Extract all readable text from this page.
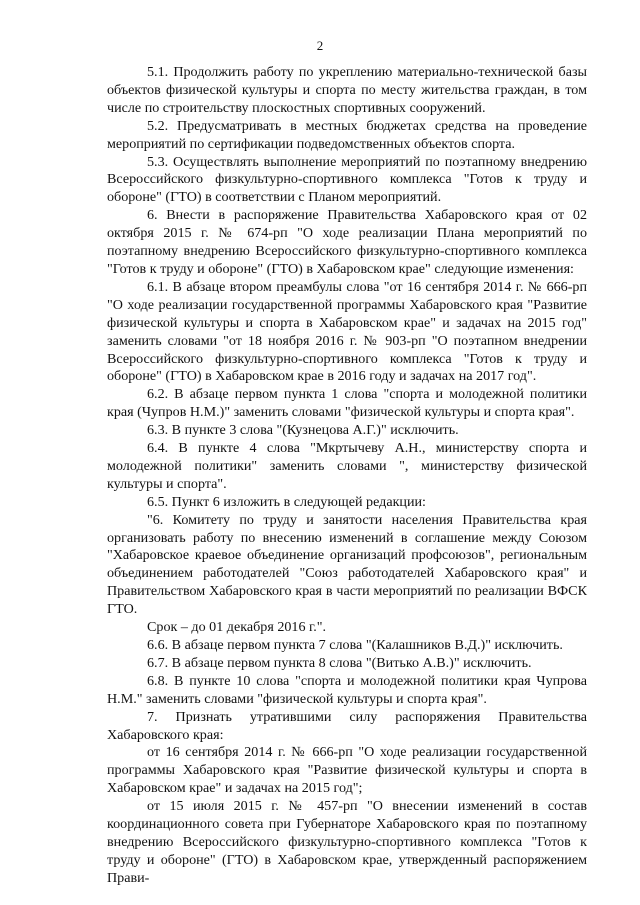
2

5.1. Продолжить работу по укреплению материально-технической базы объектов физической культуры и спорта по месту жительства граждан, в том числе по строительству плоскостных спортивных сооружений.

5.2. Предусматривать в местных бюджетах средства на проведение мероприятий по сертификации подведомственных объектов спорта.

5.3. Осуществлять выполнение мероприятий по поэтапному внедрению Всероссийского физкультурно-спортивного комплекса "Готов к труду и обороне" (ГТО) в соответствии с Планом мероприятий.

6. Внести в распоряжение Правительства Хабаровского края от 02 октября 2015 г. № 674-рп "О ходе реализации Плана мероприятий по поэтапному внедрению Всероссийского физкультурно-спортивного комплекса "Готов к труду и обороне" (ГТО) в Хабаровском крае" следующие изменения:

6.1. В абзаце втором преамбулы слова "от 16 сентября 2014 г. № 666-рп "О ходе реализации государственной программы Хабаровского края "Развитие физической культуры и спорта в Хабаровском крае" и задачах на 2015 год" заменить словами "от 18 ноября 2016 г. № 903-рп "О поэтапном внедрении Всероссийского физкультурно-спортивного комплекса "Готов к труду и обороне" (ГТО) в Хабаровском крае в 2016 году и задачах на 2017 год".

6.2. В абзаце первом пункта 1 слова "спорта и молодежной политики края (Чупров Н.М.)" заменить словами "физической культуры и спорта края".

6.3. В пункте 3 слова "(Кузнецова А.Г.)" исключить.

6.4. В пункте 4 слова "Мкртычеву А.Н., министерству спорта и молодежной политики" заменить словами ", министерству физической культуры и спорта".

6.5. Пункт 6 изложить в следующей редакции:

"6. Комитету по труду и занятости населения Правительства края организовать работу по внесению изменений в соглашение между Союзом "Хабаровское краевое объединение организаций профсоюзов", региональным объединением работодателей "Союз работодателей Хабаровского края" и Правительством Хабаровского края в части мероприятий по реализации ВФСК ГТО.

Срок – до 01 декабря 2016 г.".

6.6. В абзаце первом пункта 7 слова "(Калашников В.Д.)" исключить.

6.7. В абзаце первом пункта 8 слова "(Витько А.В.)" исключить.

6.8. В пункте 10 слова "спорта и молодежной политики края Чупрова Н.М." заменить словами "физической культуры и спорта края".

7. Признать утратившими силу распоряжения Правительства Хабаровского края:

от 16 сентября 2014 г. № 666-рп "О ходе реализации государственной программы Хабаровского края "Развитие физической культуры и спорта в Хабаровском крае" и задачах на 2015 год";

от 15 июля 2015 г. № 457-рп "О внесении изменений в состав координационного совета при Губернаторе Хабаровского края по поэтапному внедрению Всероссийского физкультурно-спортивного комплекса "Готов к труду и обороне" (ГТО) в Хабаровском крае, утвержденный распоряжением Прави-
